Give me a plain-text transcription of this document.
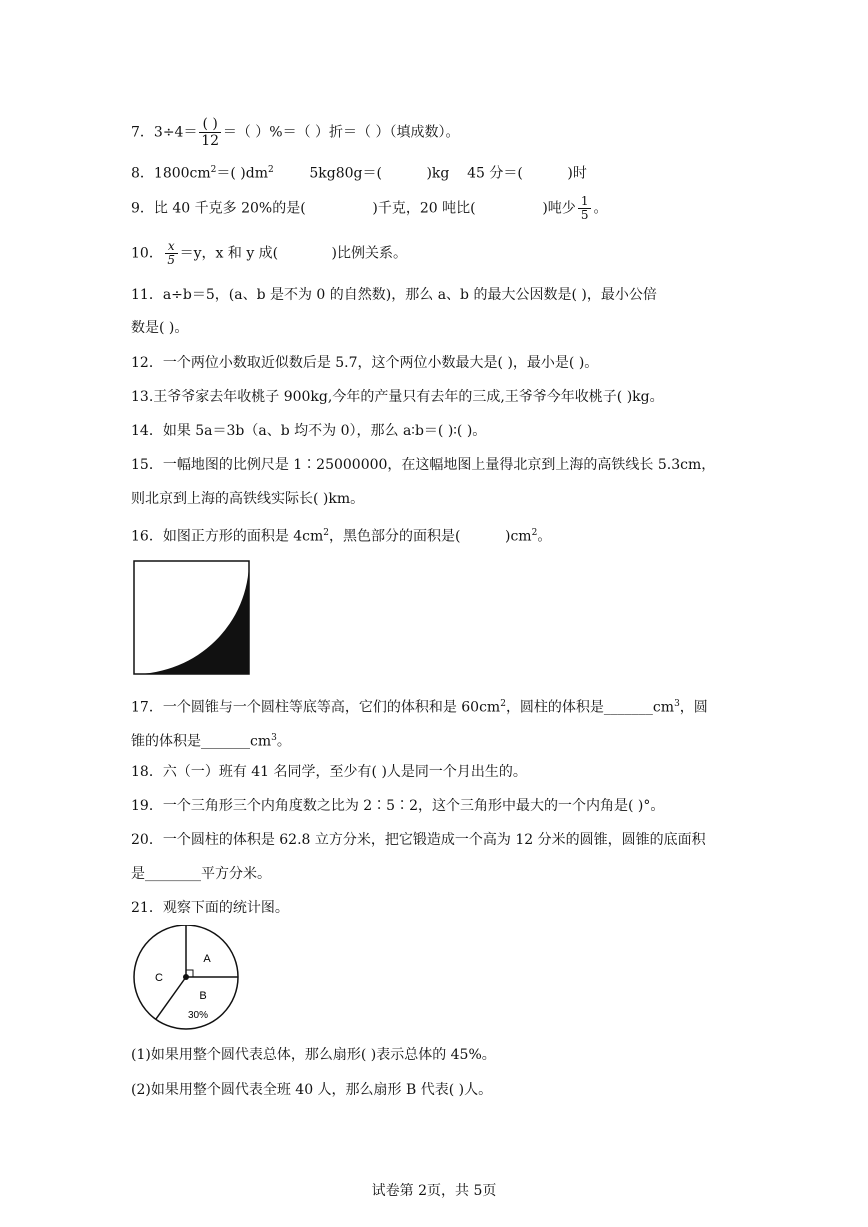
7．$3\div 4= \frac{( )}{12}$ ＝（ ）%＝（ ）折＝（ ）（填成数）。
8．$1800cm^2=$( )$dm^2$        5kg80g＝(          )kg    45 分＝(          )时
9．比 40 千克多 20%的是(               )千克，20 吨比(               )吨少 $\frac{1}{5}$ 。
10． $\frac{x}{5} =y$，x 和 y 成(            )比例关系。
11．a÷b＝5，(a、b 是不为 0 的自然数)，那么 a、b 的最大公因数是( )，最小公倍
数是( )。
12．一个两位小数取近似数后是 5.7，这个两位小数最大是( )，最小是( )。
13.王爷爷家去年收桃子 900kg,今年的产量只有去年的三成,王爷爷今年收桃子( )kg。
14．如果 5a＝3b（a、b 均不为 0），那么 a∶b＝( )∶( )。
15．一幅地图的比例尺是 1∶25000000，在这幅地图上量得北京到上海的高铁线长 5.3cm，
则北京到上海的高铁线实际长( )km。
16．如图正方形的面积是 $4cm^2$，黑色部分的面积是(          )$cm^2$。
17．一个圆锥与一个圆柱等底等高，它们的体积和是 $60cm^2$，圆柱的体积是$\_\_\_\_\_\_\_cm^3$，圆
锥的体积是$\_\_\_\_\_\_\_cm^3$。
18．六（一）班有 41 名同学，至少有( )人是同一个月出生的。
19．一个三角形三个内角度数之比为 2∶5∶2，这个三角形中最大的一个内角是( )°。
20．一个圆柱的体积是 62.8 立方分米，把它锻造成一个高为 12 分米的圆锥，圆锥的底面积
是________平方分米。
21．观察下面的统计图。
A
B
30%
C
(1)如果用整个圆代表总体，那么扇形( )表示总体的 45%。
(2)如果用整个圆代表全班 40 人，那么扇形 B 代表( )人。
试卷第 2页，共 5页
